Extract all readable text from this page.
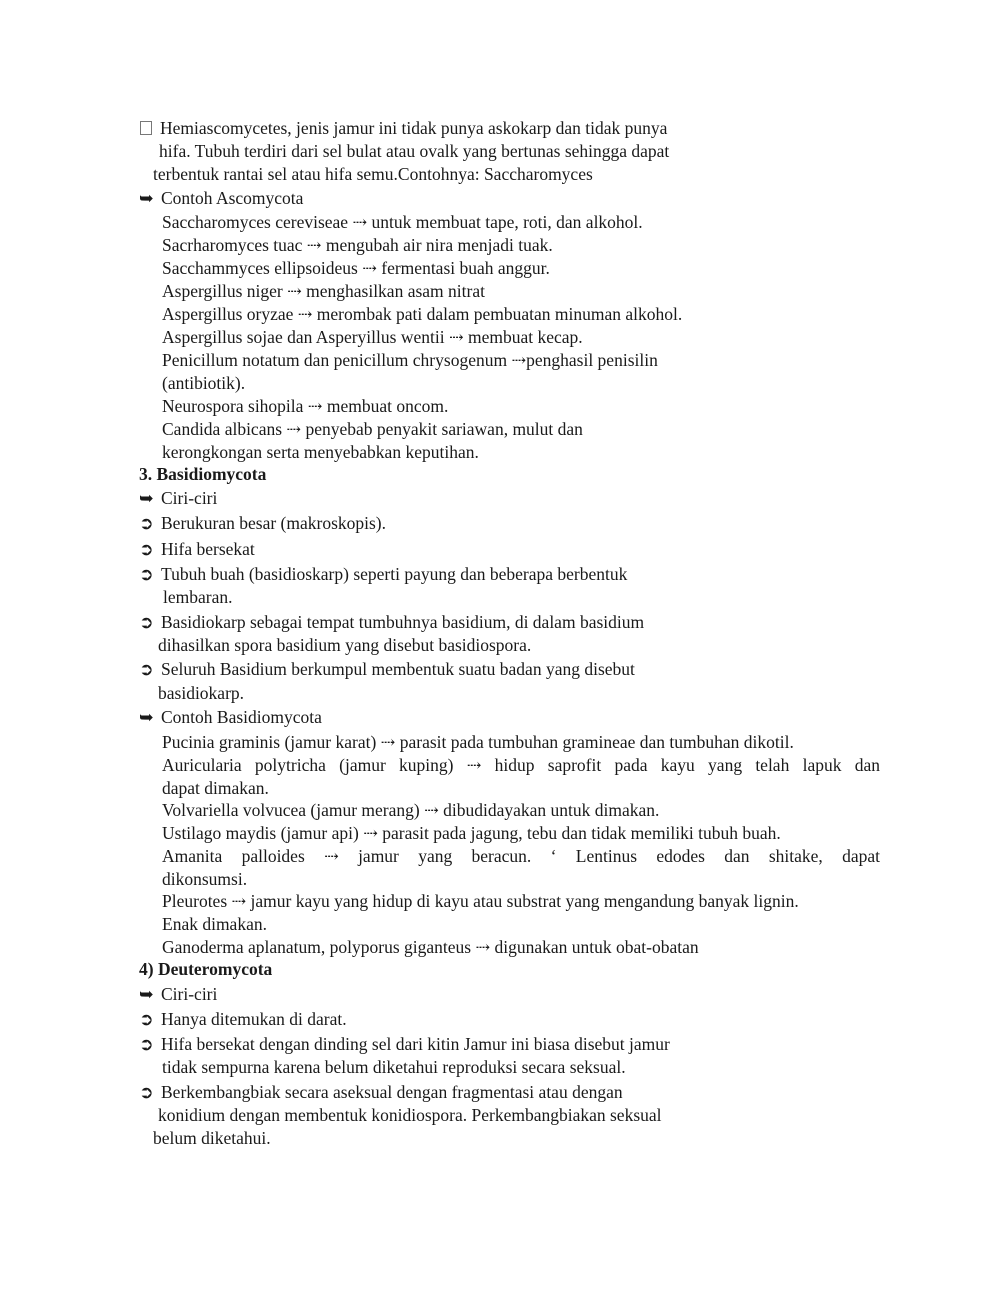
Hemiascomycetes, jenis jamur ini tidak punya askokarp dan tidak punya
hifa. Tubuh terdiri dari sel bulat atau ovalk yang bertunas sehingga dapat
terbentuk rantai sel atau hifa semu.Contohnya: Saccharomyces
➥ Contoh Ascomycota
Saccharomyces cereviseae ⇢ untuk membuat tape, roti, dan alkohol.
Sacrharomyces tuac ⇢ mengubah air nira menjadi tuak.
Sacchammyces ellipsoideus ⇢ fermentasi buah anggur.
Aspergillus niger ⇢ menghasilkan asam nitrat
Aspergillus oryzae ⇢ merombak pati dalam pembuatan minuman alkohol.
Aspergillus sojae dan Asperyillus wentii ⇢ membuat kecap.
Penicillum notatum dan penicillum chrysogenum ⇢penghasil penisilin
(antibiotik).
Neurospora sihopila ⇢ membuat oncom.
Candida albicans ⇢ penyebab penyakit sariawan, mulut dan
kerongkongan serta menyebabkan keputihan.
3. Basidiomycota
➥ Ciri-ciri
➲ Berukuran besar (makroskopis).
➲ Hifa bersekat
➲ Tubuh buah (basidioskarp) seperti payung dan beberapa berbentuk
lembaran.
➲ Basidiokarp sebagai tempat tumbuhnya basidium, di dalam basidium
dihasilkan spora basidium yang disebut basidiospora.
➲ Seluruh Basidium berkumpul membentuk suatu badan yang disebut
basidiokarp.
➥ Contoh Basidiomycota
Pucinia graminis (jamur karat) ⇢ parasit pada tumbuhan gramineae dan tumbuhan dikotil.
Auricularia polytricha (jamur kuping) ⇢ hidup saprofit pada kayu yang telah lapuk dan
dapat dimakan.
Volvariella volvucea (jamur merang) ⇢ dibudidayakan untuk dimakan.
Ustilago maydis (jamur api) ⇢ parasit pada jagung, tebu dan tidak memiliki tubuh buah.
Amanita palloides ⇢ jamur yang beracun. ‘ Lentinus edodes dan shitake, dapat
dikonsumsi.
Pleurotes ⇢ jamur kayu yang hidup di kayu atau substrat yang mengandung banyak lignin.
Enak dimakan.
Ganoderma aplanatum, polyporus giganteus ⇢ digunakan untuk obat-obatan
4) Deuteromycota
➥ Ciri-ciri
➲ Hanya ditemukan di darat.
➲ Hifa bersekat dengan dinding sel dari kitin Jamur ini biasa disebut jamur
tidak sempurna karena belum diketahui reproduksi secara seksual.
➲ Berkembangbiak secara aseksual dengan fragmentasi atau dengan
konidium dengan membentuk konidiospora. Perkembangbiakan seksual
belum diketahui.
